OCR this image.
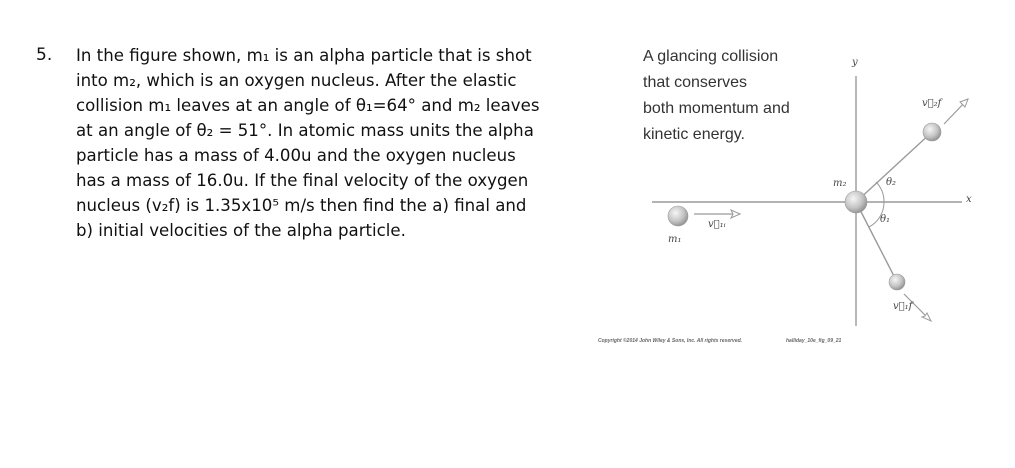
5. In the figure shown, m₁ is an alpha particle that is shot
into m₂, which is an oxygen nucleus. After the elastic
collision m₁ leaves at an angle of θ₁=64° and m₂ leaves
at an angle of θ₂ = 51°. In atomic mass units the alpha
particle has a mass of 4.00u and the oxygen nucleus
has a mass of 16.0u. If the final velocity of the oxygen
nucleus (v₂f) is 1.35x10⁵ m/s then find the a) final and
b) initial velocities of the alpha particle.
A glancing collision
that conserves
both momentum and
kinetic energy.
y
x
m₂
m₁
v⃗₁ᵢ
v⃗₂f
v⃗₁f
θ₂
θ₁
Copyright ©2014 John Wiley & Sons, Inc. All rights reserved.	halliday_10e_fig_09_21
